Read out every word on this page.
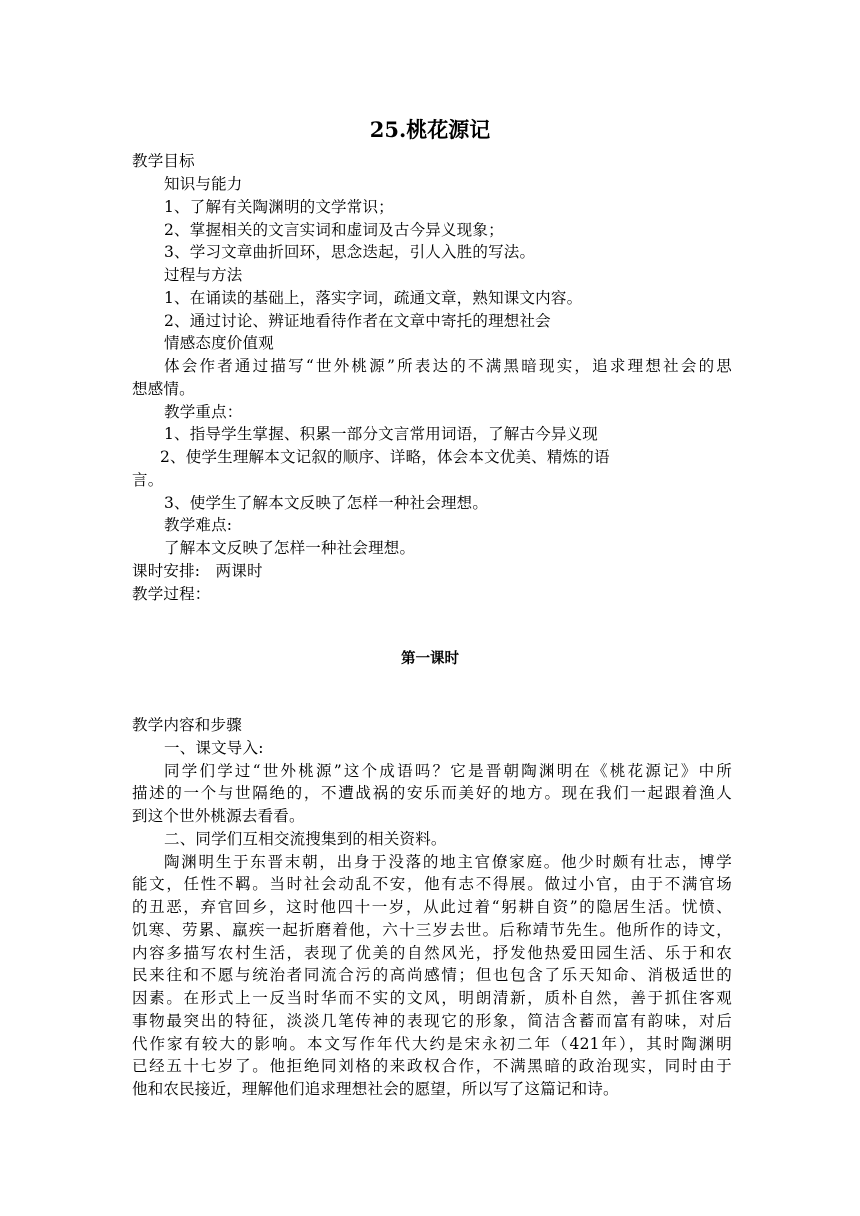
25.桃花源记
教学目标
知识与能力
1、了解有关陶渊明的文学常识；
2、掌握相关的文言实词和虚词及古今异义现象；
3、学习文章曲折回环，思念迭起，引人入胜的写法。
过程与方法
1、在诵读的基础上，落实字词，疏通文章，熟知课文内容。
2、通过讨论、辨证地看待作者在文章中寄托的理想社会
情感态度价值观
体会作者通过描写“世外桃源”所表达的不满黑暗现实，追求理想社会的思
想感情。
教学重点：
1、指导学生掌握、积累一部分文言常用词语，了解古今异义现
2、使学生理解本文记叙的顺序、详略，体会本文优美、精炼的语
言。
3、使学生了解本文反映了怎样一种社会理想。
教学难点:
了解本文反映了怎样一种社会理想。
课时安排:   两课时
教学过程：
第一课时
教学内容和步骤
一、课文导入:
同学们学过“世外桃源”这个成语吗？它是晋朝陶渊明在《桃花源记》中所
描述的一个与世隔绝的，不遭战祸的安乐而美好的地方。现在我们一起跟着渔人
到这个世外桃源去看看。
二、同学们互相交流搜集到的相关资料。
陶渊明生于东晋末朝，出身于没落的地主官僚家庭。他少时颇有壮志，博学
能文，任性不羁。当时社会动乱不安，他有志不得展。做过小官，由于不满官场
的丑恶，弃官回乡，这时他四十一岁，从此过着“躬耕自资”的隐居生活。忧愤、
饥寒、劳累、羸疾一起折磨着他，六十三岁去世。后称靖节先生。他所作的诗文，
内容多描写农村生活，表现了优美的自然风光，抒发他热爱田园生活、乐于和农
民来往和不愿与统治者同流合污的高尚感情；但也包含了乐天知命、消极适世的
因素。在形式上一反当时华而不实的文风，明朗清新，质朴自然，善于抓住客观
事物最突出的特征，淡淡几笔传神的表现它的形象，简洁含蓄而富有韵味，对后
代作家有较大的影响。本文写作年代大约是宋永初二年（421年），其时陶渊明
已经五十七岁了。他拒绝同刘格的来政权合作，不满黑暗的政治现实，同时由于
他和农民接近，理解他们追求理想社会的愿望，所以写了这篇记和诗。
